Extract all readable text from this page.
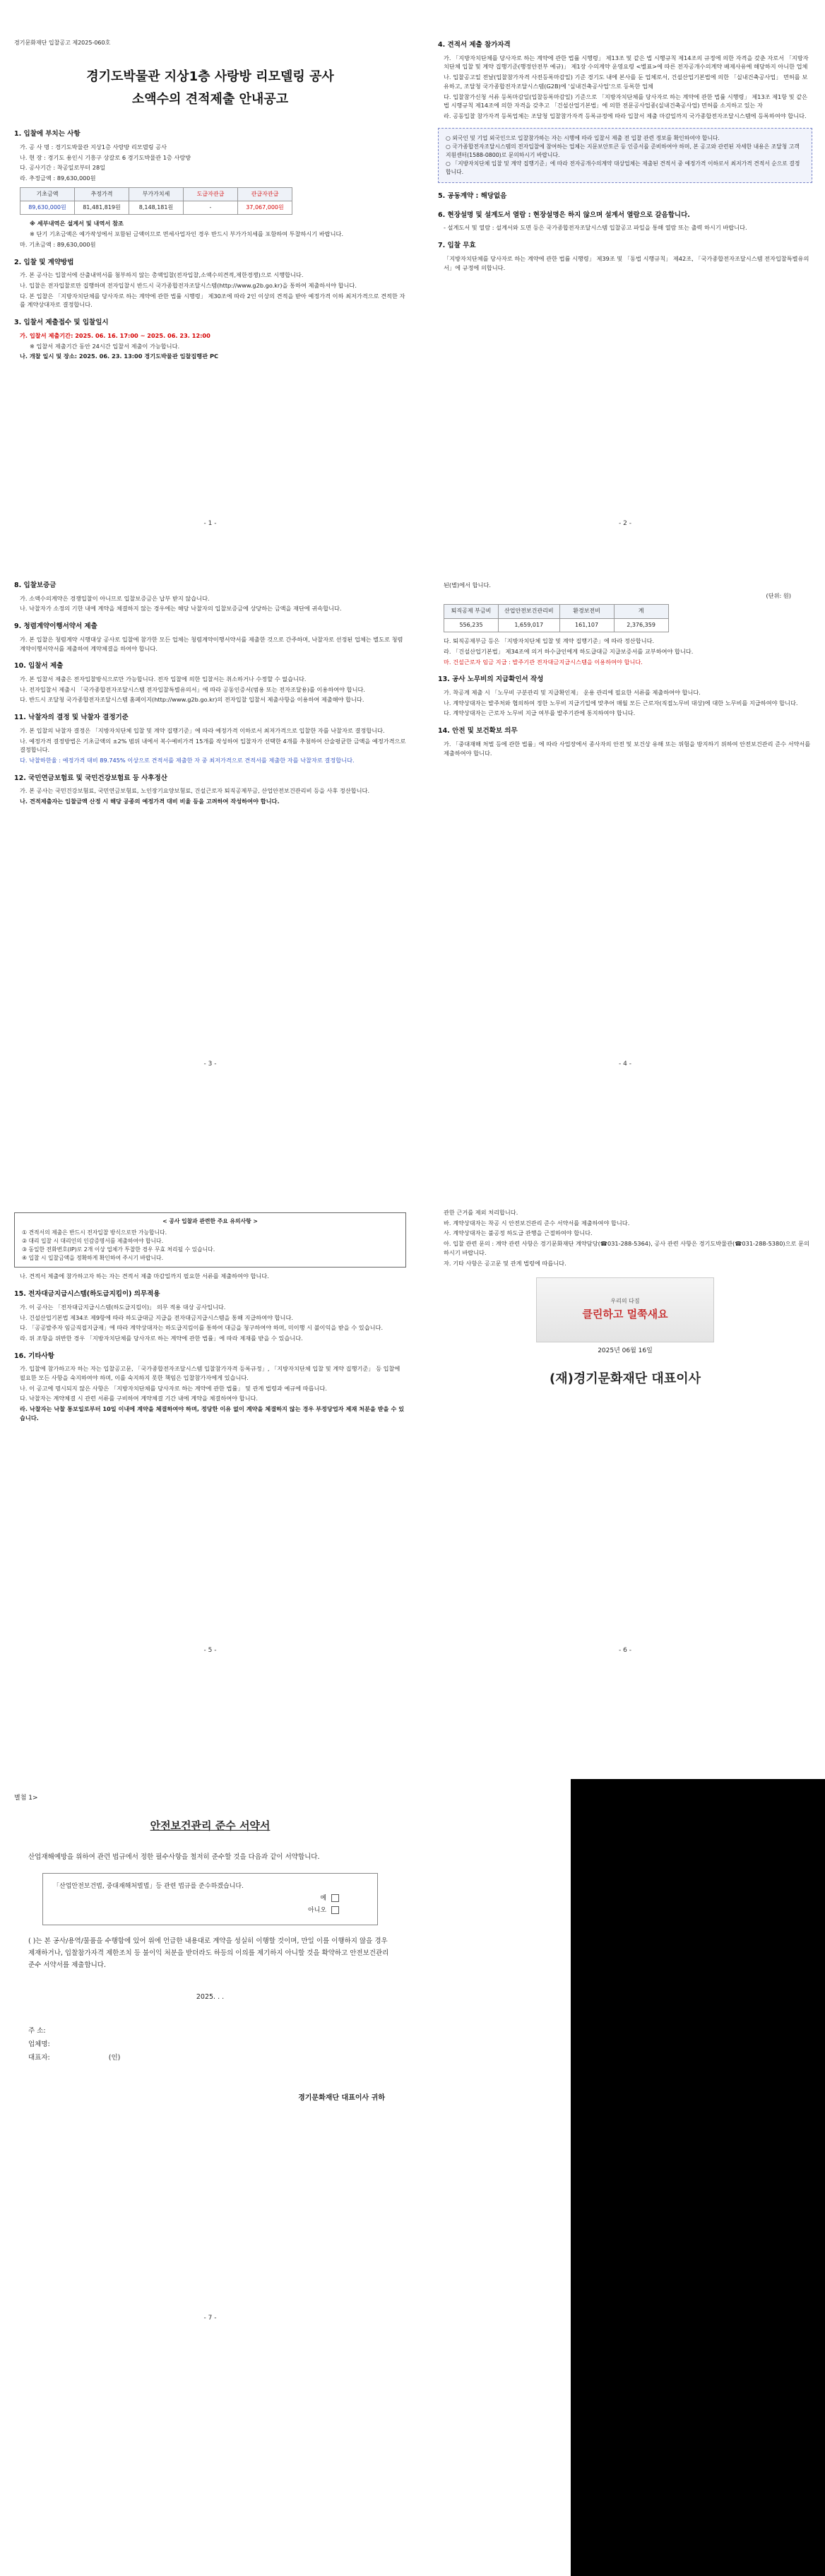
경기문화재단 입찰공고 제2025-060호
경기도박물관 지상1층 사랑방 리모델링 공사
소액수의 견적제출 안내공고
1. 입찰에 부치는 사항
가. 공 사 명 : 경기도박물관 지상1층 사랑방 리모델링 공사
나. 현 장 : 경기도 용인시 기흥구 상갈로 6 경기도박물관 1층 사랑방
다. 공사기간 : 착공일로부터 28일
라. 추정금액 : 89,630,000원
기초금액	추정가격	부가가치세	도급자관급	관급자관급
89,630,000원	81,481,819원	8,148,181원	-	37,067,000원
※ 세부내역은 설계서 및 내역서 참조
※ 단기 기초금액은 예가작성에서 포함된 금액이므로 면세사업자인 경우 반드시 부가가치세를 포함하여 투찰하시기 바랍니다.
마. 기초금액 : 89,630,000원
2. 입찰 및 계약방법
가. 본 공사는 입찰서에 산출내역서를 첨부하지 않는 총액입찰(전자입찰,소액수의견적,제한경쟁)으로 시행합니다.
나. 입찰은 전자입찰로만 집행하며 전자입찰시 반드시 국가종합전자조달시스템(http://www.g2b.go.kr)을 통하여 제출하셔야 합니다.
다. 본 입찰은 「지방자치단체를 당사자로 하는 계약에 관한 법률 시행령」 제30조에 따라 2인 이상의 견적을 받아 예정가격 이하 최저가격으로 견적한 자를 계약상대자로 결정합니다.
3. 입찰서 제출접수 및 입찰일시
가. 입찰서 제출기간: 2025. 06. 16. 17:00 ~ 2025. 06. 23. 12:00
※ 입찰서 제출기간 동안 24시간 입찰서 제출이 가능합니다.
나. 개찰 일시 및 장소: 2025. 06. 23. 13:00 경기도박물관 입찰집행관 PC
- 1 -
4. 견적서 제출 참가자격
가. 「지방자치단체를 당사자로 하는 계약에 관한 법률 시행령」 제13조 및 같은 법 시행규칙 제14조의 규정에 의한 자격을 갖춘 자로서 「지방자치단체 입찰 및 계약 집행기준(행정안전부 예규)」 제1장 수의계약 운영요령 <별표>에 따른 전자공개수의계약 배제사유에 해당하지 아니한 업체
나. 입찰공고일 전날(입찰참가자격 사전등록마감일) 기준 경기도 내에 본사를 둔 업체로서, 건설산업기본법에 의한 「실내건축공사업」 면허를 보유하고, 조달청 국가종합전자조달시스템(G2B)에 '실내건축공사업'으로 등록한 업체
다. 입찰참가신청 서류 등록마감일(입찰등록마감일) 기준으로 「지방자치단체를 당사자로 하는 계약에 관한 법률 시행령」 제13조 제1항 및 같은 법 시행규칙 제14조에 의한 자격을 갖추고 「건설산업기본법」에 의한 전문공사업종(실내건축공사업) 면허를 소지하고 있는 자
라. 공동입찰 참가자격 등록업체는 조달청 입찰참가자격 등록규정에 따라 입찰서 제출 마감일까지 국가종합전자조달시스템에 등록하여야 합니다.
○ 외국인 및 기업 외국인으로 입찰참가하는 자는 시행에 따라 입찰서 제출 전 입찰 관련 정보를 확인하여야 합니다.
○ 국가종합전자조달시스템의 전자입찰에 참여하는 업체는 지문보안토큰 등 인증서를 준비하여야 하며, 본 공고와 관련된 자세한 내용은 조달청 고객지원센터(1588-0800)로 문의하시기 바랍니다.
○ 「지방자치단체 입찰 및 계약 집행기준」에 따라 전자공개수의계약 대상업체는 제출된 견적서 중 예정가격 이하로서 최저가격 견적서 순으로 결정합니다.
5. 공동계약 : 해당없음
6. 현장설명 및 설계도서 열람 : 현장설명은 하지 않으며 설계서 열람으로 갈음합니다.
- 설계도서 및 열람 : 설계서와 도면 등은 국가종합전자조달시스템 입찰공고 파일을 통해 열람 또는 출력 하시기 바랍니다.
7. 입찰 무효
「지방자치단체를 당사자로 하는 계약에 관한 법률 시행령」 제39조 및 「동법 시행규칙」 제42조, 「국가종합전자조달시스템 전자입찰특별유의서」에 규정에 의합니다.
- 2 -
8. 입찰보증금
가. 소액수의계약은 경쟁입찰이 아니므로 입찰보증금은 납부 받지 않습니다.
나. 낙찰자가 소정의 기한 내에 계약을 체결하지 않는 경우에는 해당 낙찰자의 입찰보증금에 상당하는 금액을 재단에 귀속합니다.
9. 청렴계약이행서약서 제출
가. 본 입찰은 청렴계약 시행대상 공사로 입찰에 참가한 모든 업체는 청렴계약이행서약서를 제출한 것으로 간주하며, 낙찰자로 선정된 업체는 별도로 청렴계약이행서약서를 제출하여 계약체결을 하여야 합니다.
10. 입찰서 제출
가. 본 입찰서 제출은 전자입찰방식으로만 가능합니다. 전자 입찰에 의한 입찰서는 취소하거나 수정할 수 없습니다.
나. 전자입찰서 제출시 「국가종합전자조달시스템 전자입찰특별유의서」에 따라 공동인증서(범용 또는 전자조달용)를 이용하여야 합니다.
다. 반드시 조달청 국가종합전자조달시스템 홈페이지(http://www.g2b.go.kr)의 전자입찰 입찰서 제출사항을 이용하여 제출해야 합니다.
11. 낙찰자의 결정 및 낙찰자 결정기준
가. 본 입찰의 낙찰자 결정은 「지방자치단체 입찰 및 계약 집행기준」에 따라 예정가격 이하로서 최저가격으로 입찰한 자를 낙찰자로 결정합니다.
나. 예정가격 결정방법은 기초금액의 ±2% 범위 내에서 복수예비가격 15개를 작성하여 입찰자가 선택한 4개를 추첨하여 산술평균한 금액을 예정가격으로 결정합니다.
다. 낙찰하한율 : 예정가격 대비 89.745% 이상으로 견적서를 제출한 자 중 최저가격으로 견적서를 제출한 자를 낙찰자로 결정합니다.
12. 국민연금보험료 및 국민건강보험료 등 사후정산
가. 본 공사는 국민건강보험료, 국민연금보험료, 노인장기요양보험료, 건설근로자 퇴직공제부금, 산업안전보건관리비 등을 사후 정산합니다.
나. 견적제출자는 입찰금액 산정 시 해당 공종의 예정가격 대비 비율 등을 고려하여 작성하여야 합니다.
- 3 -
된(별)에서 합니다.
(단위: 원)
퇴직공제 부금비	산업안전보건관리비	환경보전비	계
556,235	1,659,017	161,107	2,376,359
다. 퇴직공제부금 등은 「지방자치단체 입찰 및 계약 집행기준」에 따라 정산합니다.
라. 「건설산업기본법」 제34조에 의거 하수급인에게 하도급대금 지급보증서를 교부하여야 합니다.
마. 건설근로자 임금 지급 : 발주기관 전자대금지급시스템을 이용하여야 합니다.
13. 공사 노무비의 지급확인서 작성
가. 착공계 제출 시 「노무비 구분관리 및 지급확인제」 운용 관리에 필요한 서류를 제출하여야 합니다.
나. 계약상대자는 발주처와 협의하여 정한 노무비 지급기일에 맞추어 매월 모든 근로자(직접노무비 대상)에 대한 노무비를 지급하여야 합니다.
다. 계약상대자는 근로자 노무비 지급 여부를 발주기관에 통지하여야 합니다.
14. 안전 및 보건확보 의무
가. 「중대재해 처벌 등에 관한 법률」에 따라 사업장에서 종사자의 안전 및 보건상 유해 또는 위험을 방지하기 위하여 안전보건관리 준수 서약서를 제출하여야 합니다.
- 4 -
< 공사 입찰과 관련한 주요 유의사항 >
① 견적서의 제출은 반드시 전자입찰 방식으로만 가능합니다.
② 대리 입찰 시 대리인의 인감증명서를 제출하여야 합니다.
③ 동일한 전화번호(IP)로 2개 이상 업체가 투찰한 경우 무효 처리될 수 있습니다.
④ 입찰 시 입찰금액을 정확하게 확인하여 주시기 바랍니다.
나. 견적서 제출에 참가하고자 하는 자는 견적서 제출 마감일까지 필요한 서류를 제출하여야 합니다.
15. 전자대금지급시스템(하도급지킴이) 의무적용
가. 이 공사는 「전자대금지급시스템(하도급지킴이)」 의무 적용 대상 공사입니다.
나. 건설산업기본법 제34조 제9항에 따라 하도급대금 지급을 전자대금지급시스템을 통해 지급하여야 합니다.
다. 「공공발주자 임금직접지급제」에 따라 계약상대자는 하도급지킴이를 통하여 대금을 청구하여야 하며, 미이행 시 불이익을 받을 수 있습니다.
라. 위 조항을 위반한 경우 「지방자치단체를 당사자로 하는 계약에 관한 법률」에 따라 제재를 받을 수 있습니다.
16. 기타사항
가. 입찰에 참가하고자 하는 자는 입찰공고문, 「국가종합전자조달시스템 입찰참가자격 등록규정」, 「지방자치단체 입찰 및 계약 집행기준」 등 입찰에 필요한 모든 사항을 숙지하여야 하며, 이를 숙지하지 못한 책임은 입찰참가자에게 있습니다.
나. 이 공고에 명시되지 않은 사항은 「지방자치단체를 당사자로 하는 계약에 관한 법률」 및 관계 법령과 예규에 따릅니다.
다. 낙찰자는 계약체결 시 관련 서류를 구비하여 계약체결 기간 내에 계약을 체결하여야 합니다.
라. 낙찰자는 낙찰 통보일로부터 10일 이내에 계약을 체결하여야 하며, 정당한 이유 없이 계약을 체결하지 않는 경우 부정당업자 제재 처분을 받을 수 있습니다.
- 5 -
관한 근거를 제외 처리합니다.
바. 계약상대자는 착공 시 안전보건관리 준수 서약서를 제출하여야 합니다.
사. 계약상대자는 불공정 하도급 관행을 근절하여야 합니다.
아. 입찰 관련 문의 : 계약 관련 사항은 경기문화재단 계약담당(☎031-288-5364), 공사 관련 사항은 경기도박물관(☎031-288-5380)으로 문의하시기 바랍니다.
자. 기타 사항은 공고문 및 관계 법령에 따릅니다.
우리의 다짐
클린하고 멀쭉새요
2025년 06월 16일
(재)경기문화재단 대표이사
- 6 -
별첨 1>
안전보건관리 준수 서약서
산업재해예방을 위하여 관련 법규에서 정한 필수사항을 철저히 준수할 것을 다음과 같이 서약합니다.
「산업안전보건법, 중대재해처벌법」등 관련 법규를 준수하겠습니다.
예
아니오
( )는 본 공사/용역/물품을 수행함에 있어 위에 언급한 내용대로 계약을 성실히 이행할 것이며, 만일 이를 이행하지 않을 경우 제재하거나, 입찰참가자격 제한조치 등 불이익 처분을 받더라도 하등의 이의를 제기하지 아니할 것을 확약하고 안전보건관리 준수 서약서를 제출합니다.
2025. . .
주 소:
업체명:
대표자:	(인)
경기문화재단 대표이사 귀하
- 7 -
